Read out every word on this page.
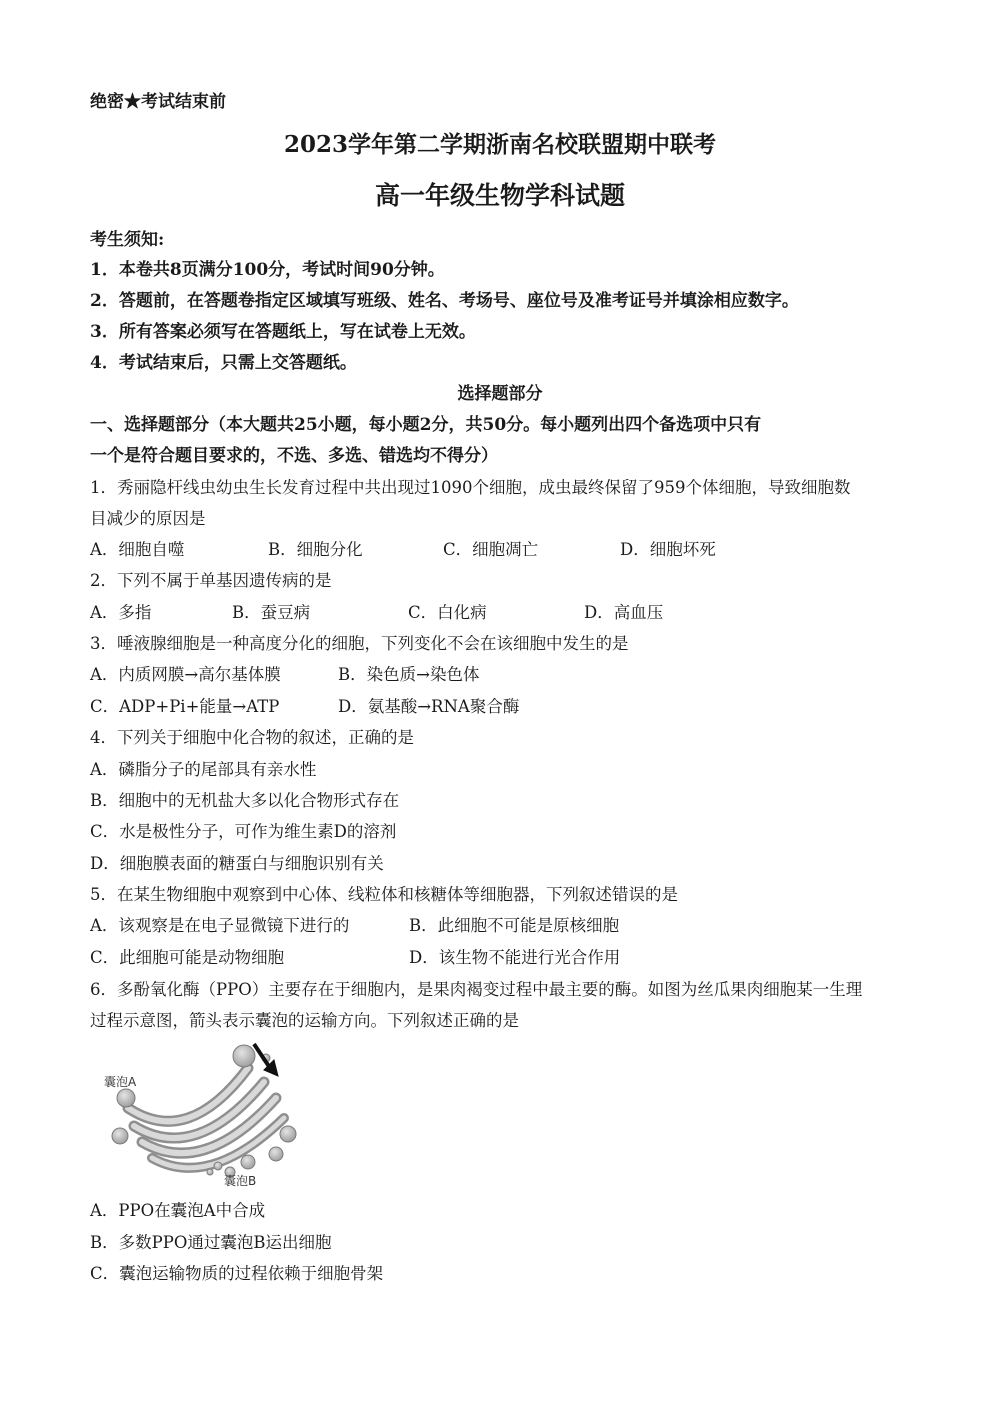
绝密★考试结束前
2023学年第二学期浙南名校联盟期中联考
高一年级生物学科试题
考生须知:
1．本卷共8页满分100分，考试时间90分钟。
2．答题前，在答题卷指定区域填写班级、姓名、考场号、座位号及准考证号并填涂相应数字。
3．所有答案必须写在答题纸上，写在试卷上无效。
4．考试结束后，只需上交答题纸。
选择题部分
一、选择题部分（本大题共25小题，每小题2分，共50分。每小题列出四个备选项中只有
一个是符合题目要求的，不选、多选、错选均不得分）
1．秀丽隐杆线虫幼虫生长发育过程中共出现过1090个细胞，成虫最终保留了959个体细胞，导致细胞数
目减少的原因是
A．细胞自噬	B．细胞分化	C．细胞凋亡	D．细胞坏死
2．下列不属于单基因遗传病的是
A．多指	B．蚕豆病	C．白化病	D．高血压
3．唾液腺细胞是一种高度分化的细胞，下列变化不会在该细胞中发生的是
A．内质网膜→高尔基体膜	B．染色质→染色体
C．ADP+Pi+能量→ATP	D．氨基酸→RNA聚合酶
4．下列关于细胞中化合物的叙述，正确的是
A．磷脂分子的尾部具有亲水性
B．细胞中的无机盐大多以化合物形式存在
C．水是极性分子，可作为维生素D的溶剂
D．细胞膜表面的糖蛋白与细胞识别有关
5．在某生物细胞中观察到中心体、线粒体和核糖体等细胞器，下列叙述错误的是
A．该观察是在电子显微镜下进行的	B．此细胞不可能是原核细胞
C．此细胞可能是动物细胞	D．该生物不能进行光合作用
6．多酚氧化酶（PPO）主要存在于细胞内，是果肉褐变过程中最主要的酶。如图为丝瓜果肉细胞某一生理
过程示意图，箭头表示囊泡的运输方向。下列叙述正确的是
囊泡A
囊泡B
A．PPO在囊泡A中合成
B．多数PPO通过囊泡B运出细胞
C．囊泡运输物质的过程依赖于细胞骨架
